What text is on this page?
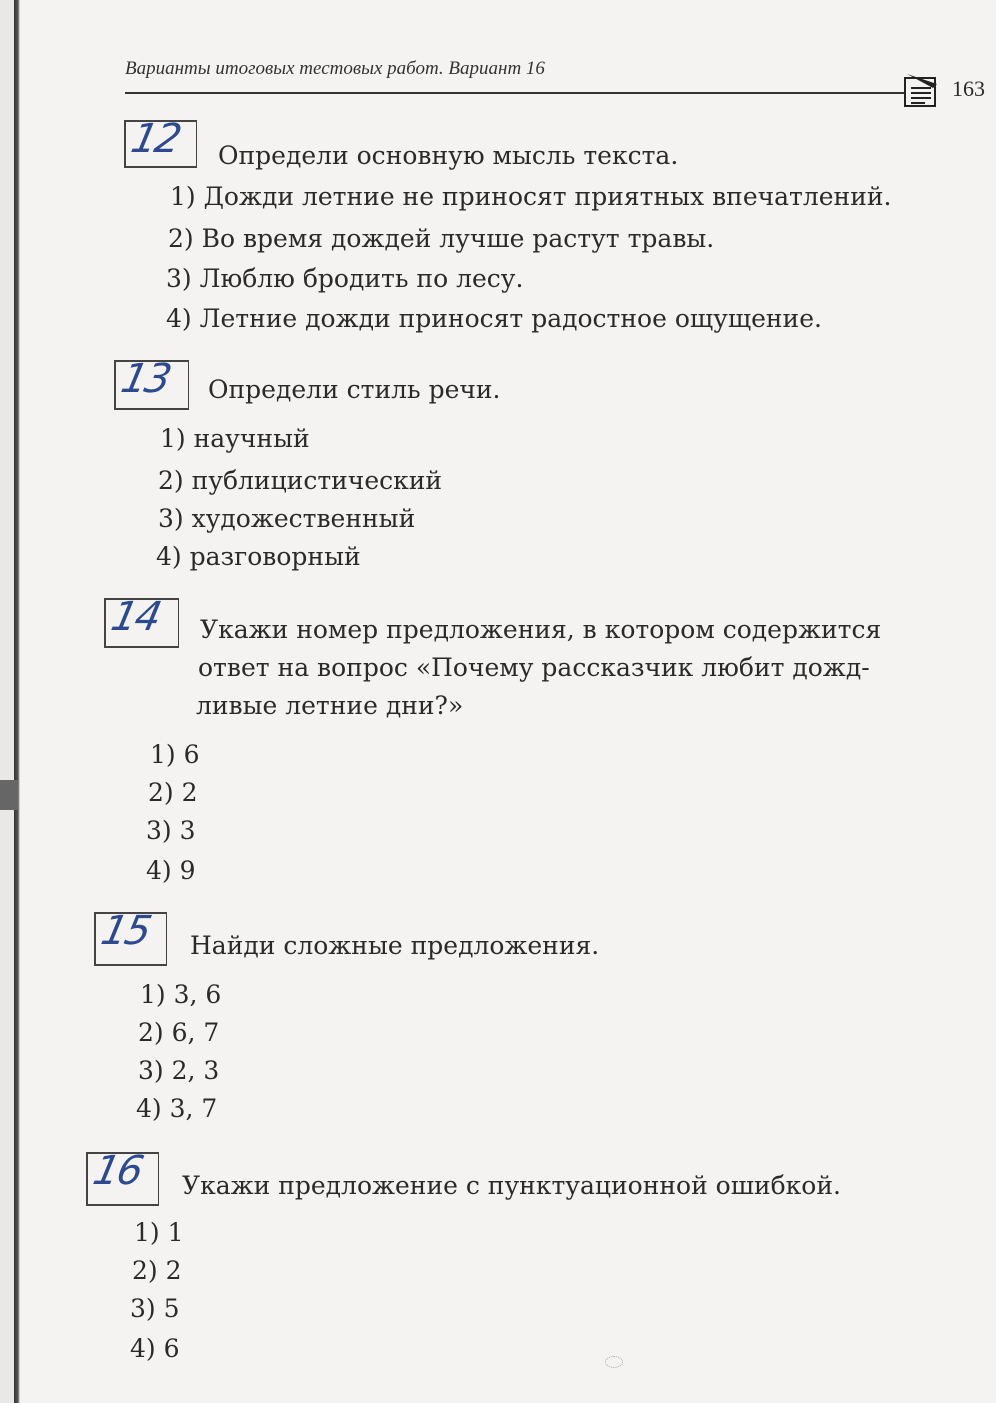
Варианты итоговых тестовых работ. Вариант 16
163
12 Определи основную мысль текста.
1) Дожди летние не приносят приятных впечатлений.
2) Во время дождей лучше растут травы.
3) Люблю бродить по лесу.
4) Летние дожди приносят радостное ощущение.
13 Определи стиль речи.
1) научный
2) публицистический
3) художественный
4) разговорный
14 Укажи номер предложения, в котором содержится
ответ на вопрос «Почему рассказчик любит дожд-
ливые летние дни?»
1) 6
2) 2
3) 3
4) 9
15 Найди сложные предложения.
1) 3, 6
2) 6, 7
3) 2, 3
4) 3, 7
16 Укажи предложение с пунктуационной ошибкой.
1) 1
2) 2
3) 5
4) 6
